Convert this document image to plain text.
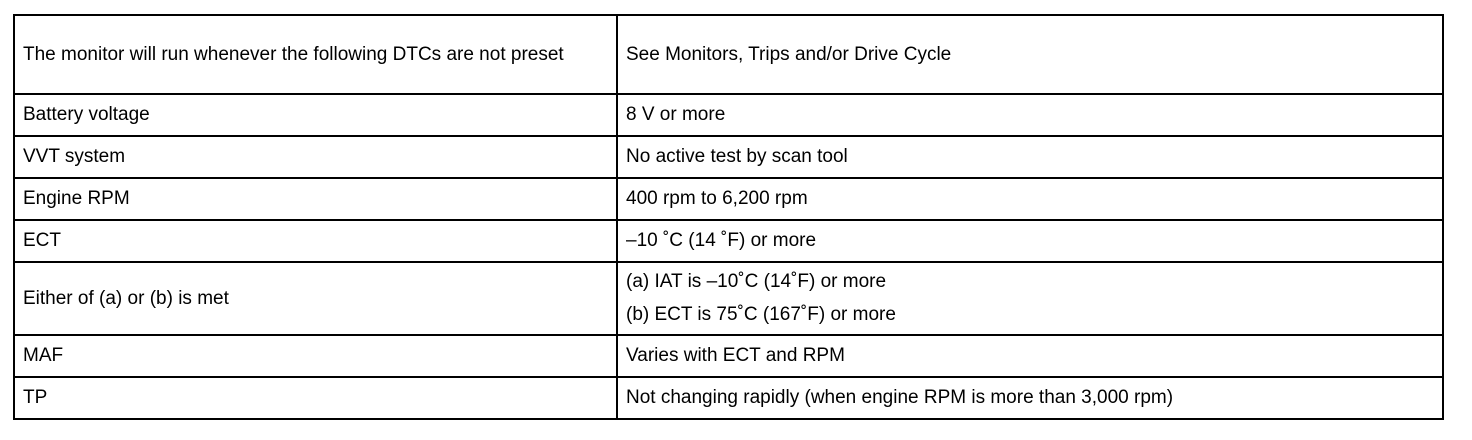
The monitor will run whenever the following DTCs are not preset	See Monitors, Trips and/or Drive Cycle
Battery voltage	8 V or more
VVT system	No active test by scan tool
Engine RPM	400 rpm to 6,200 rpm
ECT	–10 ˚C (14 ˚F) or more
Either of (a) or (b) is met	(a) IAT is –10˚C (14˚F) or more
(b) ECT is 75˚C (167˚F) or more

MAF	Varies with ECT and RPM
TP	Not changing rapidly (when engine RPM is more than 3,000 rpm)
